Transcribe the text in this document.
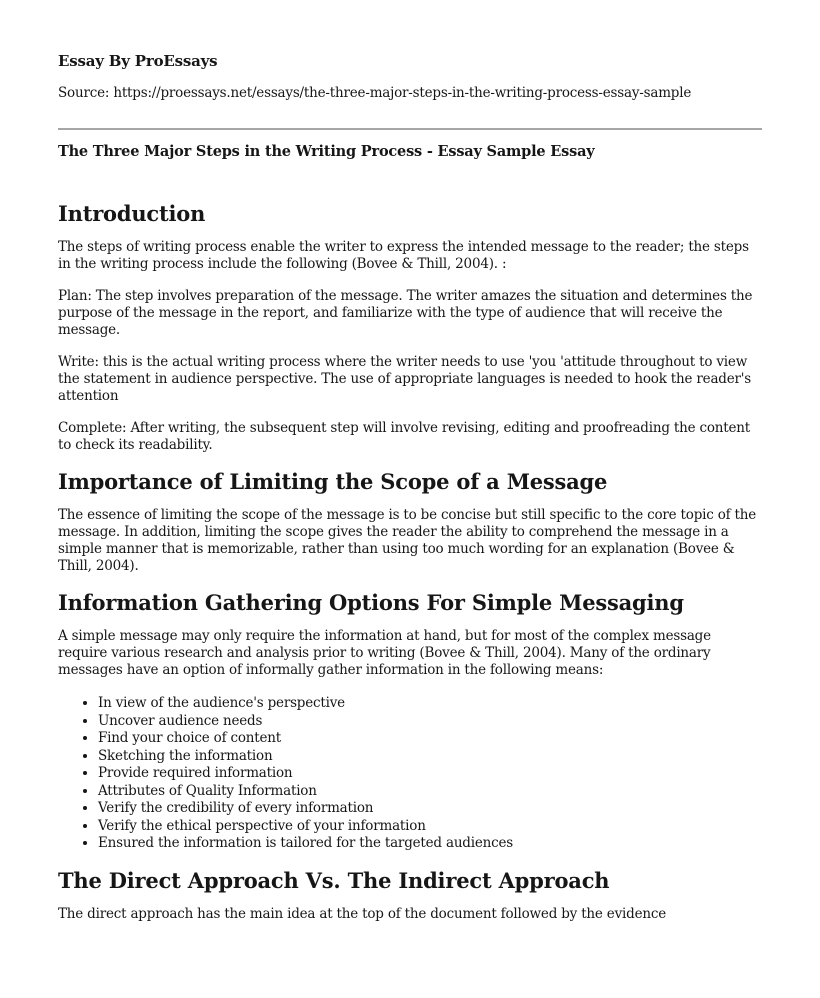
Essay By ProEssays

Source: https://proessays.net/essays/the-three-major-steps-in-the-writing-process-essay-sample

The Three Major Steps in the Writing Process - Essay Sample Essay

Introduction

The steps of writing process enable the writer to express the intended message to the reader; the steps in the writing process include the following (Bovee & Thill, 2004). :

Plan: The step involves preparation of the message. The writer amazes the situation and determines the purpose of the message in the report, and familiarize with the type of audience that will receive the message.

Write: this is the actual writing process where the writer needs to use 'you 'attitude throughout to view the statement in audience perspective. The use of appropriate languages is needed to hook the reader's attention

Complete: After writing, the subsequent step will involve revising, editing and proofreading the content to check its readability.

Importance of Limiting the Scope of a Message

The essence of limiting the scope of the message is to be concise but still specific to the core topic of the message. In addition, limiting the scope gives the reader the ability to comprehend the message in a simple manner that is memorizable, rather than using too much wording for an explanation (Bovee & Thill, 2004).

Information Gathering Options For Simple Messaging

A simple message may only require the information at hand, but for most of the complex message require various research and analysis prior to writing (Bovee & Thill, 2004). Many of the ordinary messages have an option of informally gather information in the following means:

• In view of the audience's perspective
• Uncover audience needs
• Find your choice of content
• Sketching the information
• Provide required information
• Attributes of Quality Information
• Verify the credibility of every information
• Verify the ethical perspective of your information
• Ensured the information is tailored for the targeted audiences
The Direct Approach Vs. The Indirect Approach

The direct approach has the main idea at the top of the document followed by the evidence
